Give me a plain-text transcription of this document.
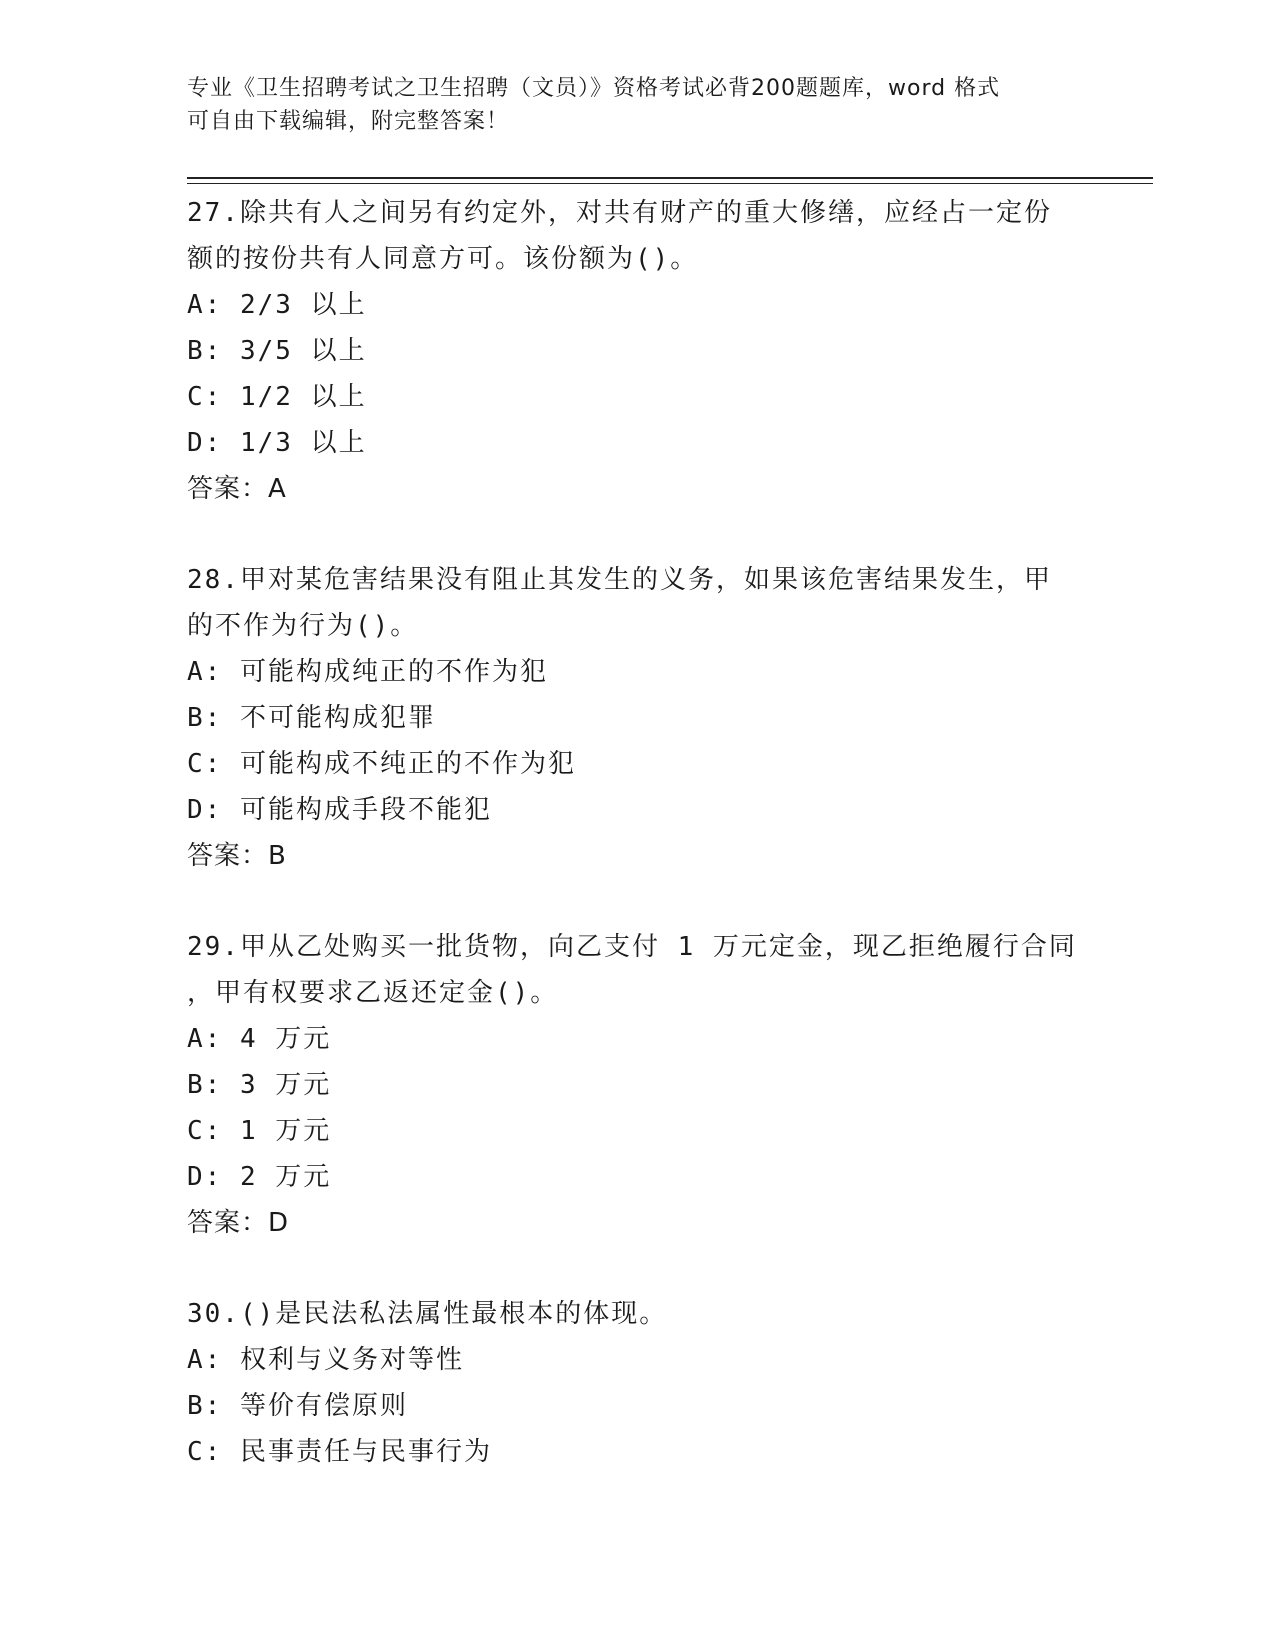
专业《卫生招聘考试之卫生招聘（文员）》资格考试必背200题题库，word 格式
可自由下载编辑，附完整答案！
27.除共有人之间另有约定外，对共有财产的重大修缮，应经占一定份
额的按份共有人同意方可。该份额为()。
A: 2/3 以上
B: 3/5 以上
C: 1/2 以上
D: 1/3 以上
答案：A
28.甲对某危害结果没有阻止其发生的义务，如果该危害结果发生，甲
的不作为行为()。
A: 可能构成纯正的不作为犯
B: 不可能构成犯罪
C: 可能构成不纯正的不作为犯
D: 可能构成手段不能犯
答案：B
29.甲从乙处购买一批货物，向乙支付 1 万元定金，现乙拒绝履行合同
，甲有权要求乙返还定金()。
A: 4 万元
B: 3 万元
C: 1 万元
D: 2 万元
答案：D
30.()是民法私法属性最根本的体现。
A: 权利与义务对等性
B: 等价有偿原则
C: 民事责任与民事行为
